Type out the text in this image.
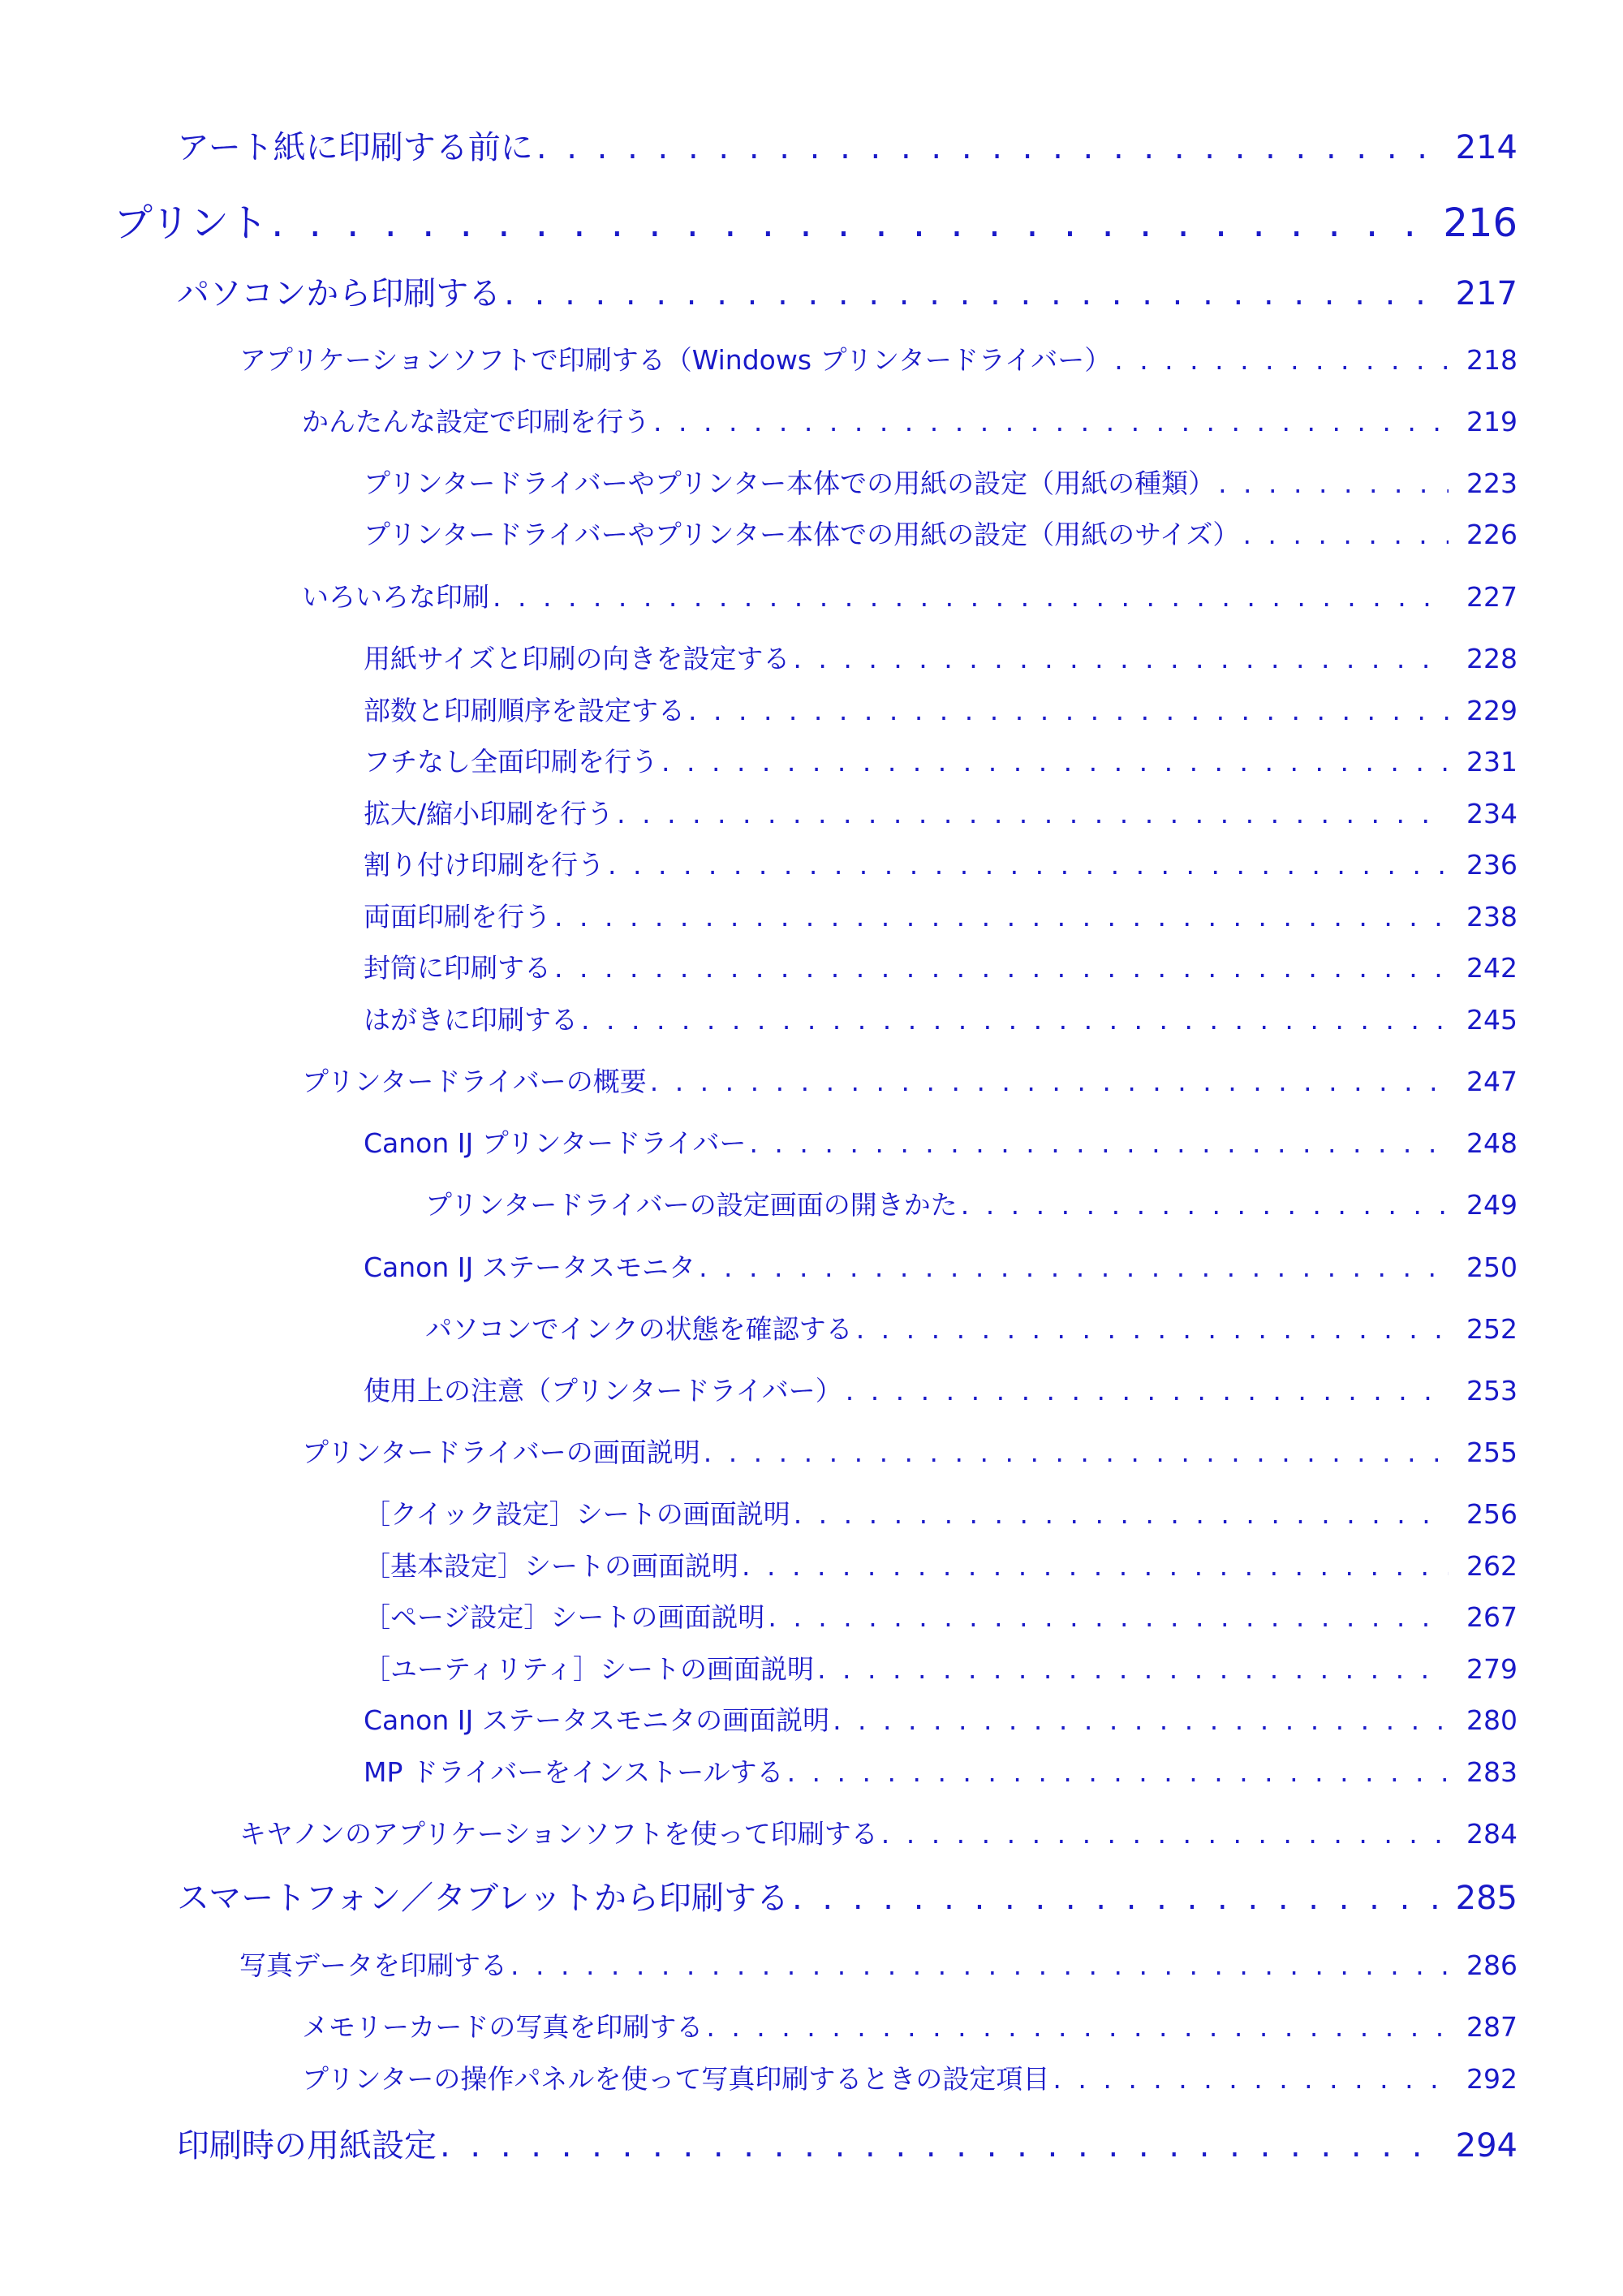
アート紙に印刷する前に . . .	214
プリント . . .	216
パソコンから印刷する . . .	217
アプリケーションソフトで印刷する（Windows プリンタードライバー） . . .	218
かんたんな設定で印刷を行う . . .	219
プリンタードライバーやプリンター本体での用紙の設定（用紙の種類） . . .	223
プリンタードライバーやプリンター本体での用紙の設定（用紙のサイズ） . . .	226
いろいろな印刷 . . .	227
用紙サイズと印刷の向きを設定する . . .	228
部数と印刷順序を設定する . . .	229
フチなし全面印刷を行う . . .	231
拡大/縮小印刷を行う . . .	234
割り付け印刷を行う . . .	236
両面印刷を行う . . .	238
封筒に印刷する . . .	242
はがきに印刷する . . .	245
プリンタードライバーの概要 . . .	247
Canon IJ プリンタードライバー . . .	248
プリンタードライバーの設定画面の開きかた . . .	249
Canon IJ ステータスモニタ . . .	250
パソコンでインクの状態を確認する . . .	252
使用上の注意（プリンタードライバー） . . .	253
プリンタードライバーの画面説明 . . .	255
［クイック設定］シートの画面説明 . . .	256
［基本設定］シートの画面説明 . . .	262
［ページ設定］シートの画面説明 . . .	267
［ユーティリティ］シートの画面説明 . . .	279
Canon IJ ステータスモニタの画面説明 . . .	280
MP ドライバーをインストールする . . .	283
キヤノンのアプリケーションソフトを使って印刷する . . .	284
スマートフォン／タブレットから印刷する . . .	285
写真データを印刷する . . .	286
メモリーカードの写真を印刷する . . .	287
プリンターの操作パネルを使って写真印刷するときの設定項目 . . .	292
印刷時の用紙設定 . . .	294
